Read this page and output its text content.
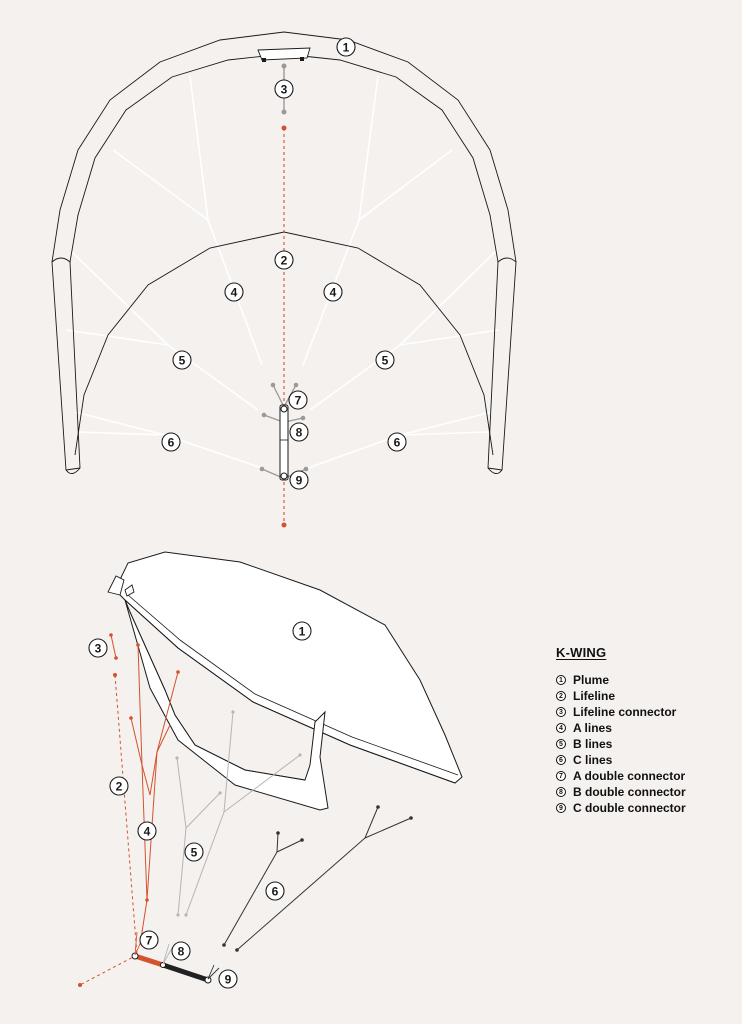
1
3
2
4	4
5	5
6	6
7
8
9
1
3
2
4
5
6
7
8
9
K-WING
1 Plume
2 Lifeline
3 Lifeline connector
4 A lines
5 B lines
6 C lines
7 A double connector
8 B double connector
9 C double connector
